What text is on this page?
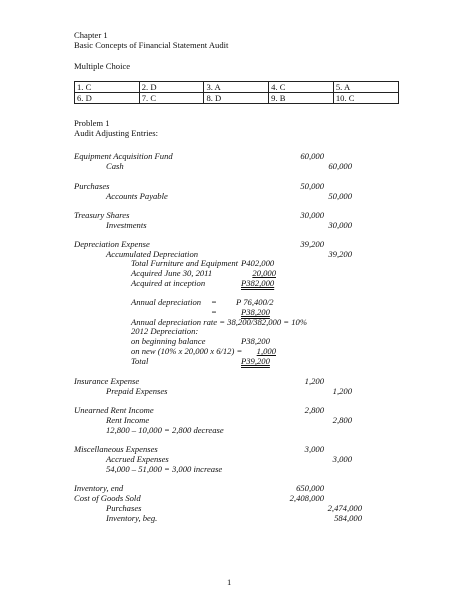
Chapter 1
Basic Concepts of Financial Statement Audit
Multiple Choice
1. C	2. D	3. A	4. C	5. A
6. D	7. C	8. D	9. B	10. C
Problem 1
Audit Adjusting Entries:
Equipment Acquisition Fund	60,000
Cash	60,000
Purchases	50,000
Accounts Payable	50,000
Treasury Shares	30,000
Investments	30,000
Depreciation Expense	39,200
Accumulated Depreciation	39,200
Total Furniture and Equipment P402,000
Acquired June 30, 2011	20,000
Acquired at inception	P382,000
Annual depreciation = P 76,400/2
=	P38,200
Annual depreciation rate = 38,200/382,000 = 10%
2012 Depreciation:
on beginning balance	P38,200
on new (10% x 20,000 x 6/12) =	1,000
Total	P39,200
Insurance Expense	1,200
Prepaid Expenses	1,200
Unearned Rent Income	2,800
Rent Income	2,800
12,800 – 10,000 = 2,800 decrease
Miscellaneous Expenses	3,000
Accrued Expenses	3,000
54,000 – 51,000 = 3,000 increase
Inventory, end	650,000
Cost of Goods Sold	2,408,000
Purchases	2,474,000
Inventory, beg.	584,000
1
